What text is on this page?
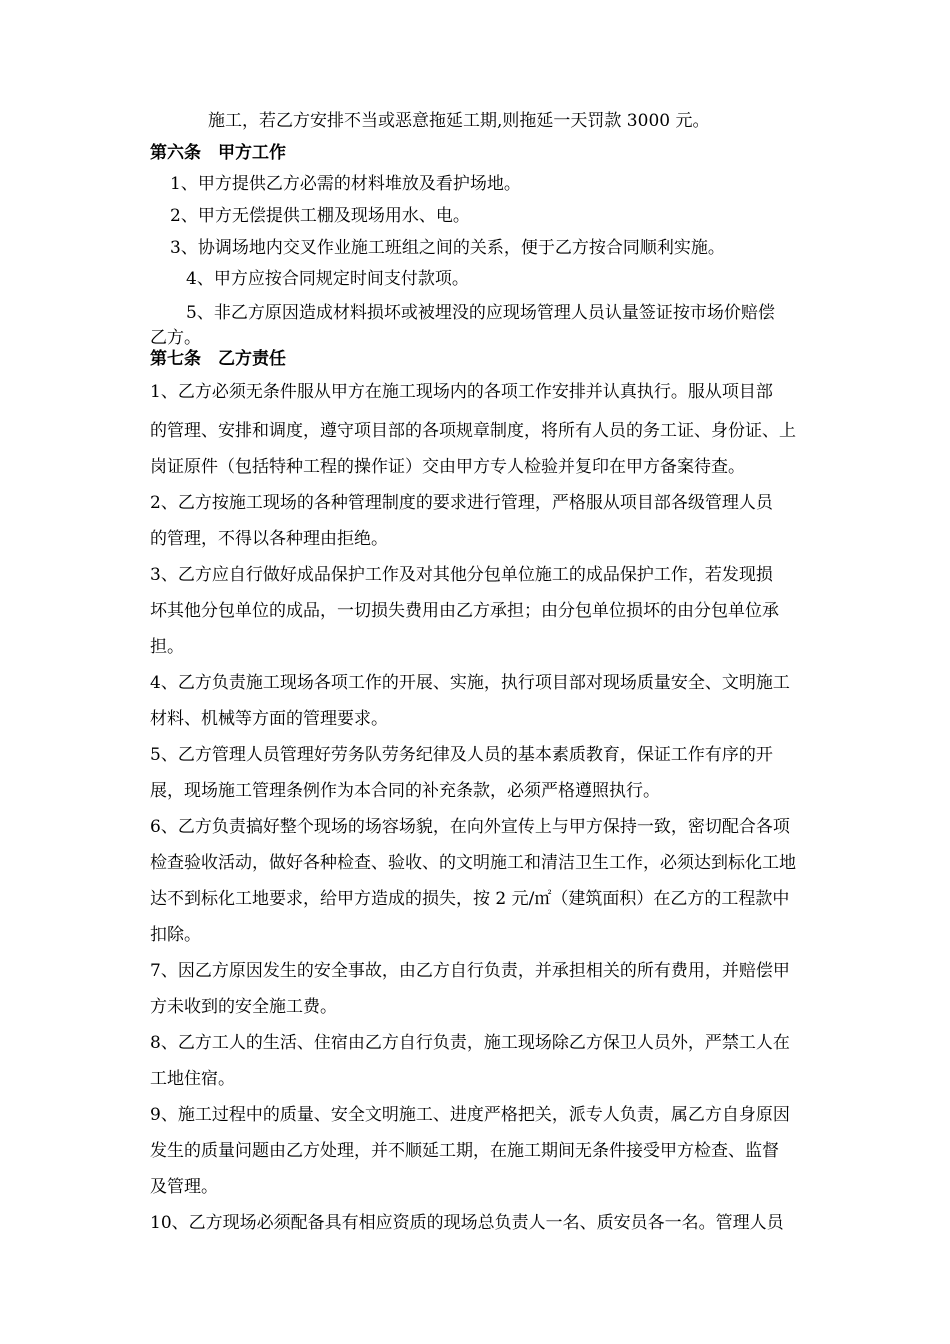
施工，若乙方安排不当或恶意拖延工期,则拖延一天罚款 3000 元。
第六条　甲方工作
1、甲方提供乙方必需的材料堆放及看护场地。
2、甲方无偿提供工棚及现场用水、电。
3、协调场地内交叉作业施工班组之间的关系，便于乙方按合同顺利实施。
4、甲方应按合同规定时间支付款项。
5、非乙方原因造成材料损坏或被埋没的应现场管理人员认量签证按市场价赔偿
乙方。
第七条　乙方责任
1、乙方必须无条件服从甲方在施工现场内的各项工作安排并认真执行。服从项目部
的管理、安排和调度，遵守项目部的各项规章制度，将所有人员的务工证、身份证、上
岗证原件（包括特种工程的操作证）交由甲方专人检验并复印在甲方备案待查。
2、乙方按施工现场的各种管理制度的要求进行管理，严格服从项目部各级管理人员
的管理，不得以各种理由拒绝。
3、乙方应自行做好成品保护工作及对其他分包单位施工的成品保护工作，若发现损
坏其他分包单位的成品，一切损失费用由乙方承担；由分包单位损坏的由分包单位承
担。
4、乙方负责施工现场各项工作的开展、实施，执行项目部对现场质量安全、文明施工
材料、机械等方面的管理要求。
5、乙方管理人员管理好劳务队劳务纪律及人员的基本素质教育，保证工作有序的开
展，现场施工管理条例作为本合同的补充条款，必须严格遵照执行。
6、乙方负责搞好整个现场的场容场貌，在向外宣传上与甲方保持一致，密切配合各项
检查验收活动，做好各种检查、验收、的文明施工和清洁卫生工作，必须达到标化工地
达不到标化工地要求，给甲方造成的损失，按 2 元/㎡（建筑面积）在乙方的工程款中
扣除。
7、因乙方原因发生的安全事故，由乙方自行负责，并承担相关的所有费用，并赔偿甲
方未收到的安全施工费。
8、乙方工人的生活、住宿由乙方自行负责，施工现场除乙方保卫人员外，严禁工人在
工地住宿。
9、施工过程中的质量、安全文明施工、进度严格把关，派专人负责，属乙方自身原因
发生的质量问题由乙方处理，并不顺延工期，在施工期间无条件接受甲方检查、监督
及管理。
10、乙方现场必须配备具有相应资质的现场总负责人一名、质安员各一名。管理人员
